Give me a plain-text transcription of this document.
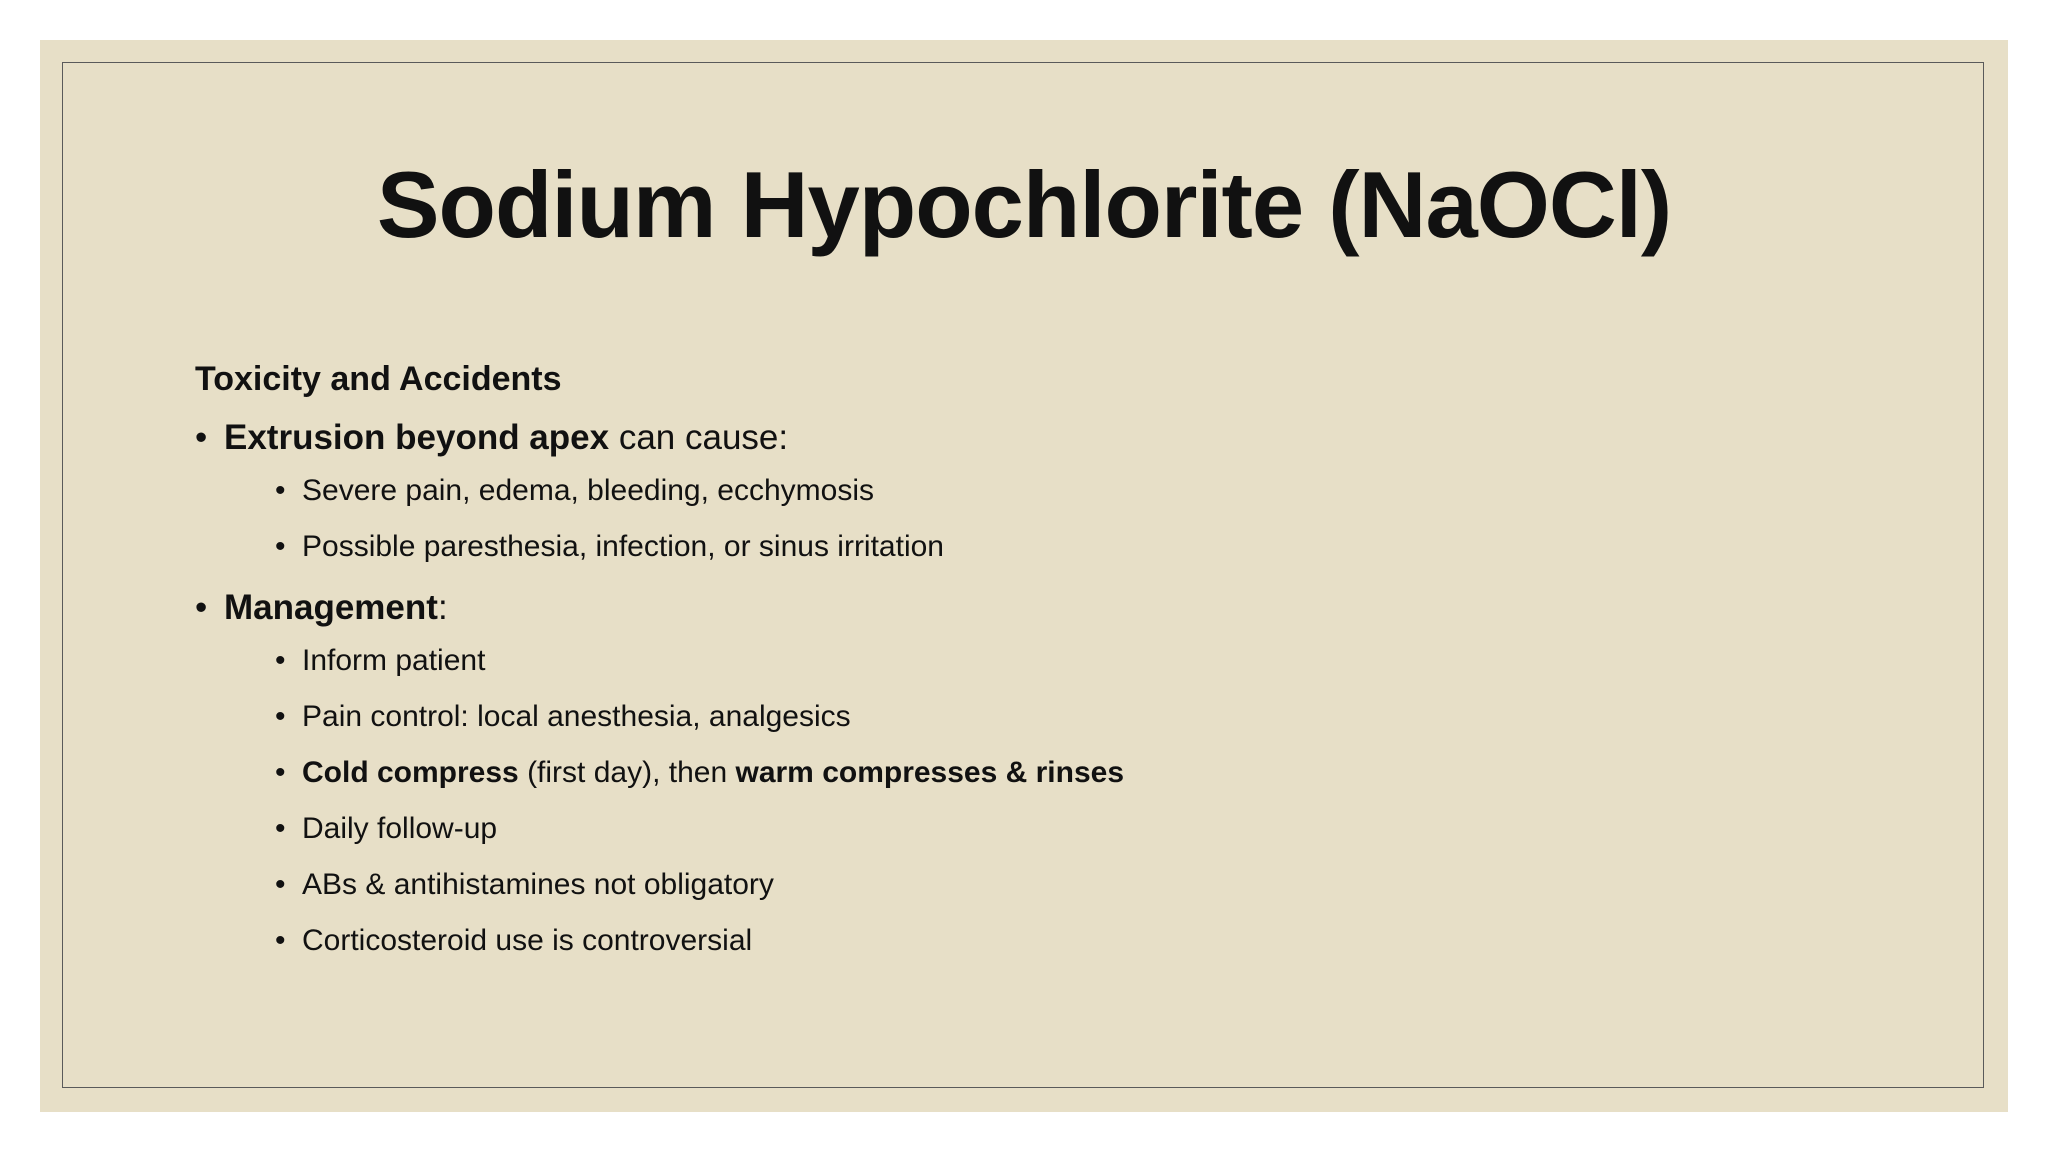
Sodium Hypochlorite (NaOCl)
Toxicity and Accidents
• Extrusion beyond apex can cause:
• Severe pain, edema, bleeding, ecchymosis
• Possible paresthesia, infection, or sinus irritation
• Management:
• Inform patient
• Pain control: local anesthesia, analgesics
• Cold compress (first day), then warm compresses & rinses
• Daily follow-up
• ABs & antihistamines not obligatory
• Corticosteroid use is controversial
